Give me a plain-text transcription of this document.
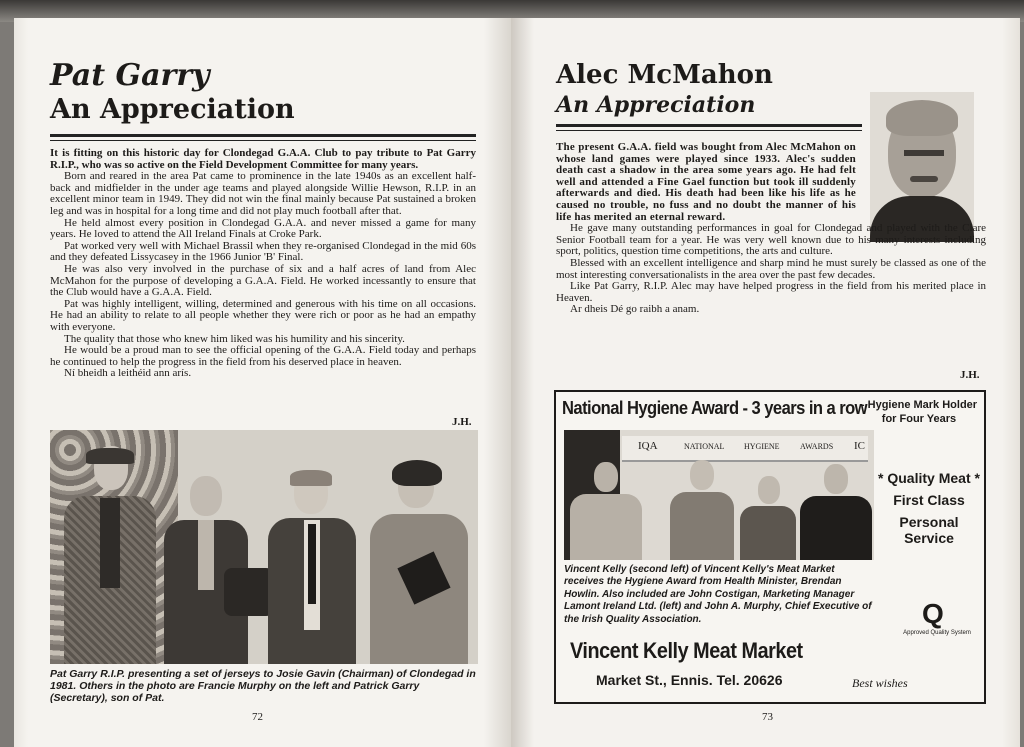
Pat Garry
An Appreciation

It is fitting on this historic day for Clondegad G.A.A. Club to pay tribute to Pat Garry R.I.P., who was so active on the Field Development Committee for many years.

Born and reared in the area Pat came to prominence in the late 1940s as an excellent half-back and midfielder in the under age teams and played alongside Willie Hewson, R.I.P. in an excellent minor team in 1949. They did not win the final mainly because Pat sustained a broken leg and was in hospital for a long time and did not play much football after that.

He held almost every position in Clondegad G.A.A. and never missed a game for many years. He loved to attend the All Ireland Finals at Croke Park.

Pat worked very well with Michael Brassil when they re-organised Clondegad in the mid 60s and they defeated Lissycasey in the 1966 Junior 'B' Final.

He was also very involved in the purchase of six and a half acres of land from Alec McMahon for the purpose of developing a G.A.A. Field. He worked incessantly to ensure that the Club would have a G.A.A. Field.

Pat was highly intelligent, willing, determined and generous with his time on all occasions. He had an ability to relate to all people whether they were rich or poor as he had an empathy with everyone.

The quality that those who knew him liked was his humility and his sincerity.

He would be a proud man to see the official opening of the G.A.A. Field today and perhaps he continued to help the progress in the field from his deserved place in heaven.

Ní bheidh a leithéid ann arís.

J.H.
Pat Garry R.I.P. presenting a set of jerseys to Josie Gavin (Chairman) of Clondegad in 1981. Others in the photo are Francie Murphy on the left and Patrick Garry (Secretary), son of Pat.
72
Alec McMahon
An Appreciation

The present G.A.A. field was bought from Alec McMahon on whose land games were played since 1933. Alec's sudden death cast a shadow in the area some years ago. He had felt well and attended a Fine Gael function but took ill suddenly afterwards and died. His death had been like his life as he caused no trouble, no fuss and no doubt the manner of his life has merited an eternal reward.

He gave many outstanding performances in goal for Clondegad and played with the Clare Senior Football team for a year. He was very well known due to his many interests including sport, politics, question time competitions, the arts and culture.

Blessed with an excellent intelligence and sharp mind he must surely be classed as one of the most interesting conversationalists in the area over the past few decades.

Like Pat Garry, R.I.P. Alec may have helped progress in the field from his merited place in Heaven.

Ar dheis Dé go raibh a anam.

J.H.
National Hygiene Award - 3 years in a row
- Hygiene Mark Holder for Four Years
IQA	NATIONAL HYGIENE	AWARDS IC
* Quality Meat *
First Class
Personal Service
Vincent Kelly (second left) of Vincent Kelly's Meat Market receives the Hygiene Award from Health Minister, Brendan Howlin. Also included are John Costigan, Marketing Manager Lamont Ireland Ltd. (left) and John A. Murphy, Chief Executive of the Irish Quality Association.	Q
Approved Quality System
Vincent Kelly Meat Market
Market St., Ennis. Tel. 20626	Best wishes
73
